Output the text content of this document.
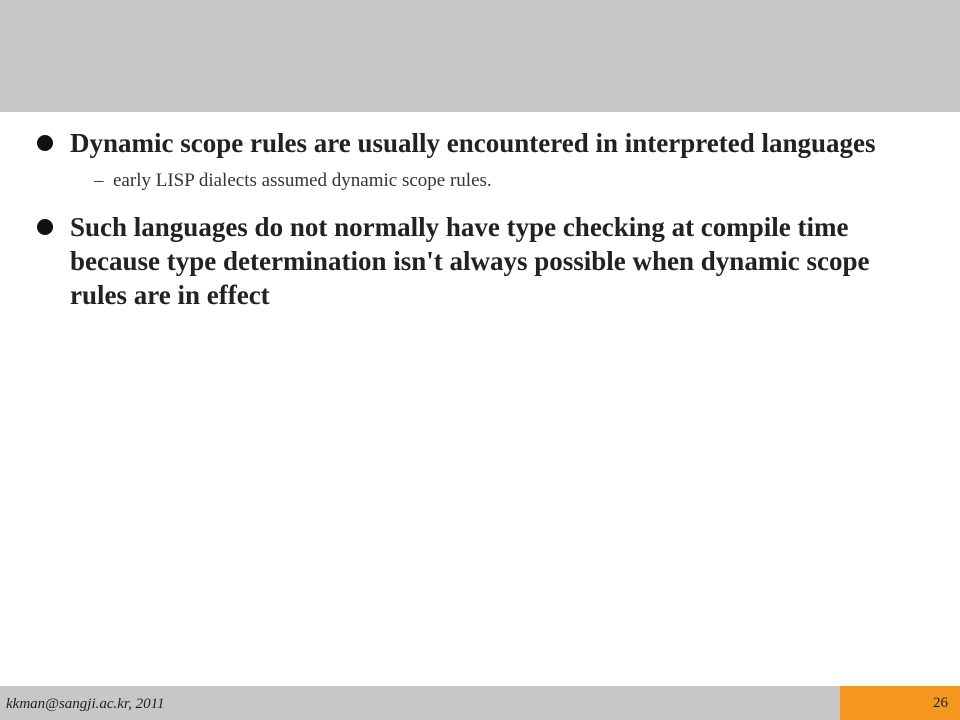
Dynamic scope rules are usually encountered in interpreted languages
– early LISP dialects assumed dynamic scope rules.
Such languages do not normally have type checking at compile time because type determination isn't always possible when dynamic scope rules are in effect
kkman@sangji.ac.kr, 2011	26
